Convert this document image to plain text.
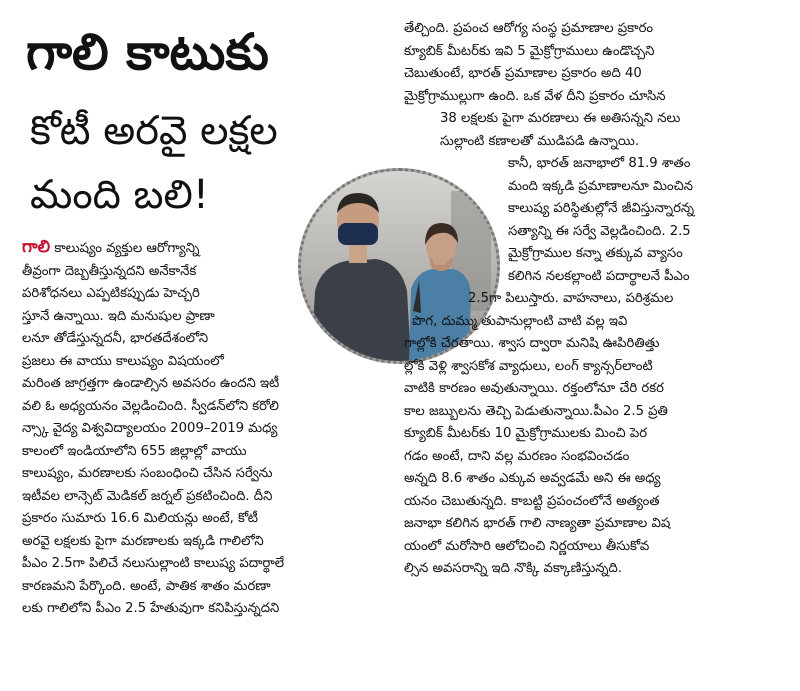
గాలి కాటుకు
కోటీ అరవై లక్షల
మంది బలి!

గాలి కాలుష్యం వ్యక్తుల ఆరోగ్యాన్ని

తీవ్రంగా దెబ్బతీస్తున్నదని అనేకానేక

పరిశోధనలు ఎప్పటికప్పుడు హెచ్చరి

స్తూనే ఉన్నాయి. ఇది మనుషుల ప్రాణా

లనూ తోడేస్తున్నదనీ, భారతదేశంలోని

ప్రజలు ఈ వాయు కాలుష్యం విషయంలో

మరింత జాగ్రత్తగా ఉండాల్సిన అవసరం ఉందని ఇటీ

వలి ఓ అధ్యయనం వెల్లడించింది. స్వీడన్‌లోని కరోలి

న్స్కా వైద్య విశ్వవిద్యాలయం 2009–2019 మధ్య

కాలంలో ఇండియాలోని 655 జిల్లాల్లో వాయు

కాలుష్యం, మరణాలకు సంబంధించి చేసిన సర్వేను

ఇటీవల లాన్సెట్ మెడికల్ జర్నల్ ప్రకటించింది. దీని

ప్రకారం సుమారు 16.6 మిలియన్లు అంటే, కోటీ

అరవై లక్షలకు పైగా మరణాలకు ఇక్కడి గాలిలోని

పీఎం 2.5గా పిలిచే నలుసుల్లాంటి కాలుష్య పదార్థాలే

కారణమని పేర్కొంది. అంటే, పాతిక శాతం మరణా

లకు గాలిలోని పీఎం 2.5 హేతువుగా కనిపిస్తున్నదని

తేల్చింది. ప్రపంచ ఆరోగ్య సంస్థ ప్రమాణాల ప్రకారం

క్యూబిక్ మీటర్‌కు ఇవి 5 మైక్రోగ్రాములు ఉండొచ్చని

చెబుతుంటే, భారత్ ప్రమాణాల ప్రకారం అది 40

మైక్రోగ్రాముల్లుగా ఉంది. ఒక వేళ దీని ప్రకారం చూసిన

38 లక్షలకు పైగా మరణాలు ఈ అతిసన్నని నలు

సుల్లాంటి కణాలతో ముడిపడి ఉన్నాయి.

కానీ, భారత్ జనాభాలో 81.9 శాతం

మంది ఇక్కడి ప్రమాణాలనూ మించిన

కాలుష్య పరిస్థితుల్లోనే జీవిస్తున్నారన్న

సత్యాన్ని ఈ సర్వే వెల్లడించింది. 2.5

మైక్రోగ్రాముల కన్నా తక్కువ వ్యాసం

కలిగిన నలకల్లాంటి పదార్థాలనే పీఎం

2.5గా పిలుస్తారు. వాహనాలు, పరిశ్రమల

పొగ, దుమ్ము తుపానుల్లాంటి వాటి వల్ల ఇవి

గాల్లోకి చేరతాయి. శ్వాస ద్వారా మనిషి ఊపిరితిత్తు

ల్లోకి వెళ్లి శ్వాసకోశ వ్యాధులు, లంగ్ క్యాన్సర్‌లాంటి

వాటికి కారణం అవుతున్నాయి. రక్తంలోనూ చేరి రకర

కాల జబ్బులను తెచ్చి పెడుతున్నాయి.పీఎం 2.5 ప్రతి

క్యూబిక్ మీటర్‌కు 10 మైక్రోగ్రాములకు మించి పెర

గడం అంటే, దాని వల్ల మరణం సంభవించడం

అన్నది 8.6 శాతం ఎక్కువ అవ్వడమే అని ఈ అధ్య

యనం చెబుతున్నది. కాబట్టి ప్రపంచంలోనే అత్యంత

జనాభా కలిగిన భారత్ గాలి నాణ్యతా ప్రమాణాల విష

యంలో మరోసారి ఆలోచించి నిర్ణయాలు తీసుకోవ

ల్సిన అవసరాన్ని ఇది నొక్కి వక్కాణిస్తున్నది.
